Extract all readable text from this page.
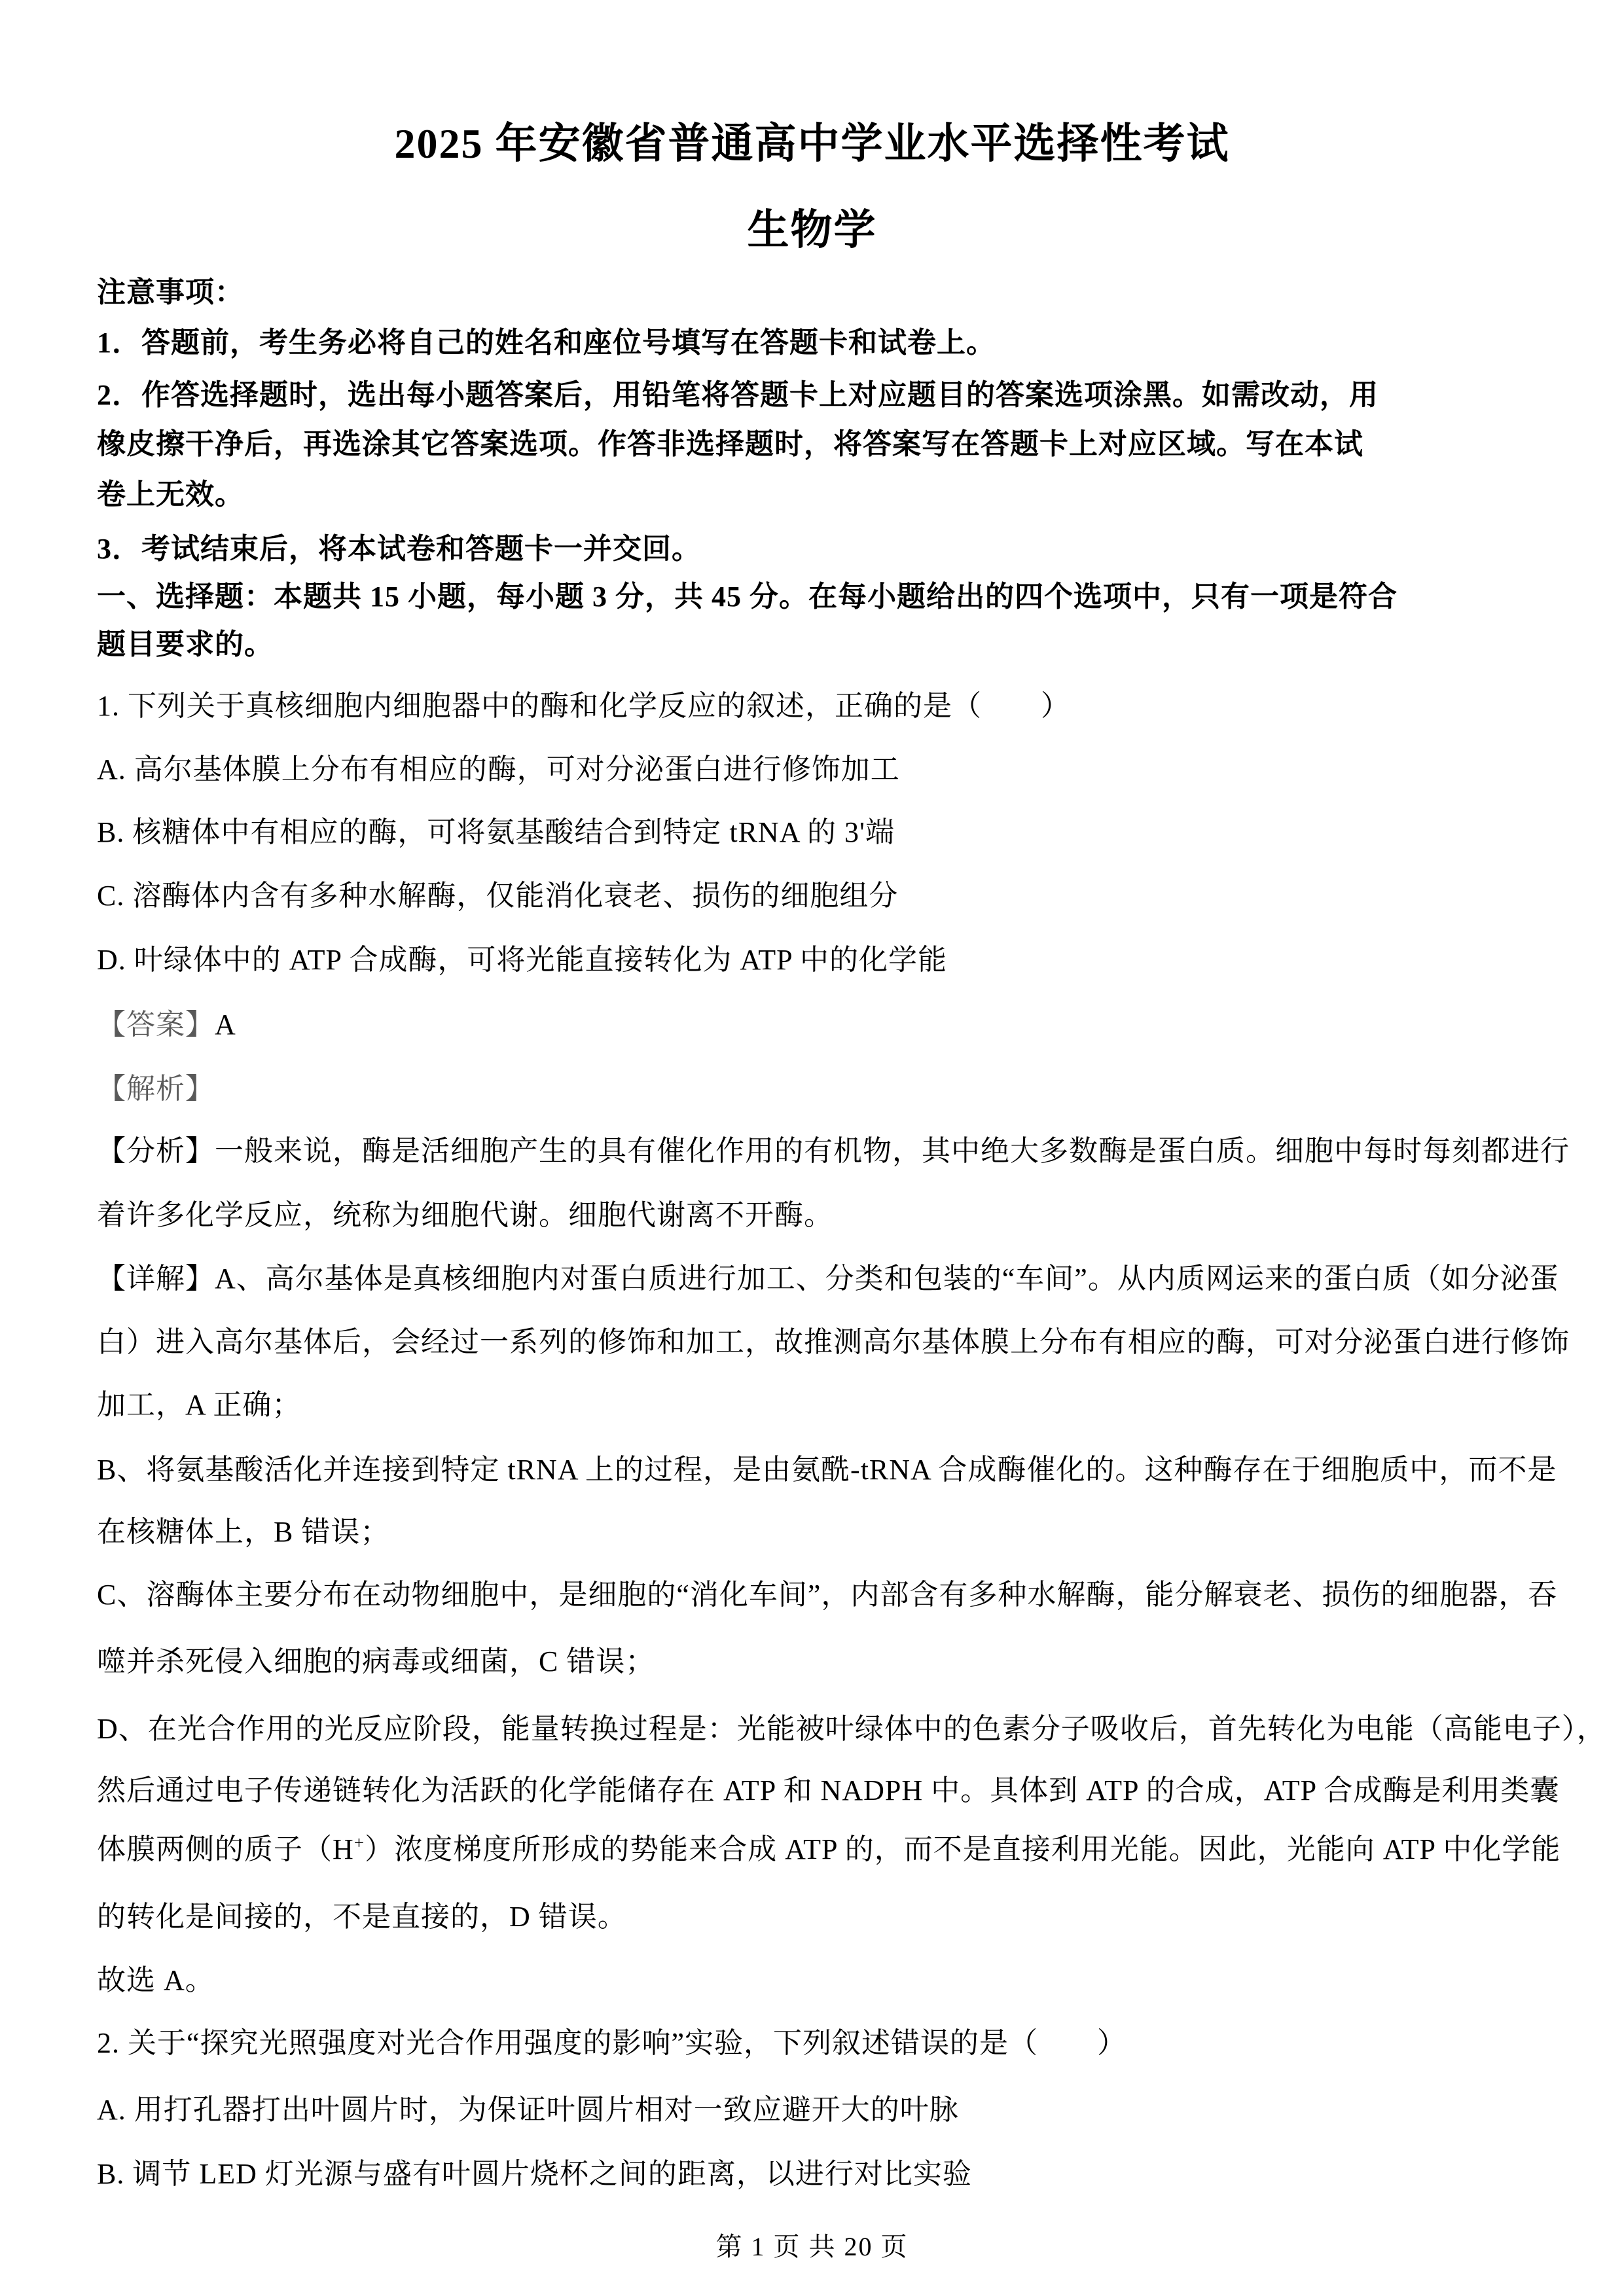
2025 年安徽省普通高中学业水平选择性考试
生物学
注意事项：
1．答题前，考生务必将自己的姓名和座位号填写在答题卡和试卷上。
2．作答选择题时，选出每小题答案后，用铅笔将答题卡上对应题目的答案选项涂黑。如需改动，用
橡皮擦干净后，再选涂其它答案选项。作答非选择题时，将答案写在答题卡上对应区域。写在本试
卷上无效。
3．考试结束后，将本试卷和答题卡一并交回。
一、选择题：本题共 15 小题，每小题 3 分，共 45 分。在每小题给出的四个选项中，只有一项是符合
题目要求的。
1. 下列关于真核细胞内细胞器中的酶和化学反应的叙述，正确的是（　　）
A. 高尔基体膜上分布有相应的酶，可对分泌蛋白进行修饰加工
B. 核糖体中有相应的酶，可将氨基酸结合到特定 tRNA 的 3'端
C. 溶酶体内含有多种水解酶，仅能消化衰老、损伤的细胞组分
D. 叶绿体中的 ATP 合成酶，可将光能直接转化为 ATP 中的化学能
【答案】A
【解析】
【分析】一般来说，酶是活细胞产生的具有催化作用的有机物，其中绝大多数酶是蛋白质。细胞中每时每刻都进行
着许多化学反应，统称为细胞代谢。细胞代谢离不开酶。
【详解】A、高尔基体是真核细胞内对蛋白质进行加工、分类和包装的“车间”。从内质网运来的蛋白质（如分泌蛋
白）进入高尔基体后，会经过一系列的修饰和加工，故推测高尔基体膜上分布有相应的酶，可对分泌蛋白进行修饰
加工，A 正确；
B、将氨基酸活化并连接到特定 tRNA 上的过程，是由氨酰-tRNA 合成酶催化的。这种酶存在于细胞质中，而不是
在核糖体上，B 错误；
C、溶酶体主要分布在动物细胞中，是细胞的“消化车间”，内部含有多种水解酶，能分解衰老、损伤的细胞器，吞
噬并杀死侵入细胞的病毒或细菌，C 错误；
D、在光合作用的光反应阶段，能量转换过程是：光能被叶绿体中的色素分子吸收后，首先转化为电能（高能电子），
然后通过电子传递链转化为活跃的化学能储存在 ATP 和 NADPH 中。具体到 ATP 的合成，ATP 合成酶是利用类囊
体膜两侧的质子（H+）浓度梯度所形成的势能来合成 ATP 的，而不是直接利用光能。因此，光能向 ATP 中化学能
的转化是间接的，不是直接的，D 错误。
故选 A。
2. 关于“探究光照强度对光合作用强度的影响”实验，下列叙述错误的是（　　）
A. 用打孔器打出叶圆片时，为保证叶圆片相对一致应避开大的叶脉
B. 调节 LED 灯光源与盛有叶圆片烧杯之间的距离，以进行对比实验
第 1 页 共 20 页
